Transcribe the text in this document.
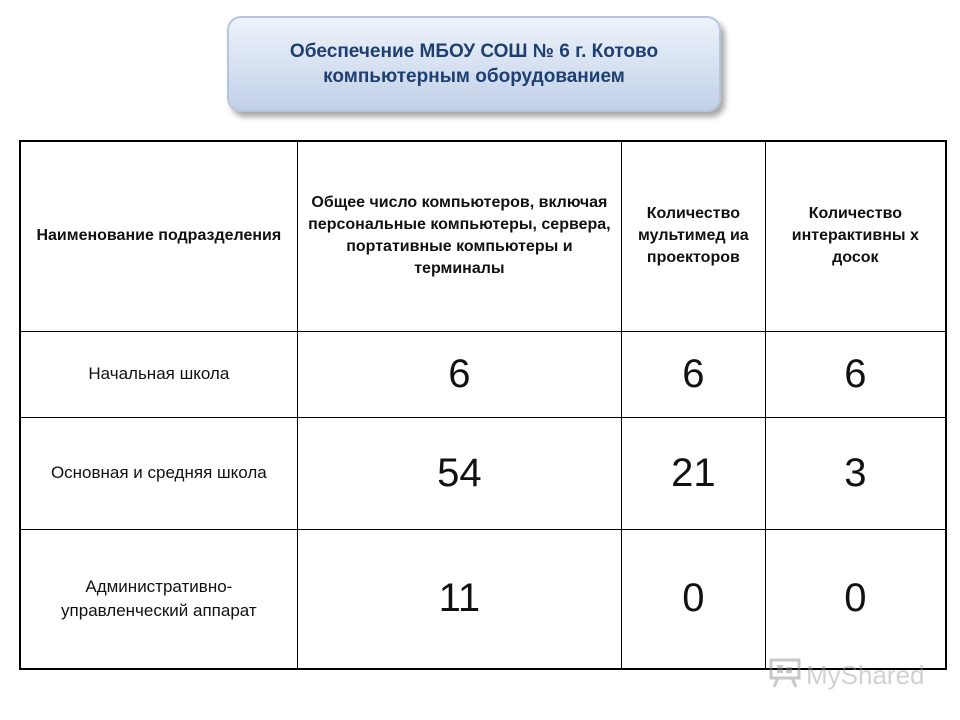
Обеспечение МБОУ СОШ № 6 г. Котово компьютерным оборудованием
Наименование подразделения	Общее число компьютеров, включая персональные компьютеры, сервера, портативные компьютеры и терминалы	Количество мультимед иа проекторов	Количество интерактивны х досок
Начальная школа	6	6	6
Основная и средняя школа	54	21	3
Административно-управленческий аппарат	11	0	0
MyShared
